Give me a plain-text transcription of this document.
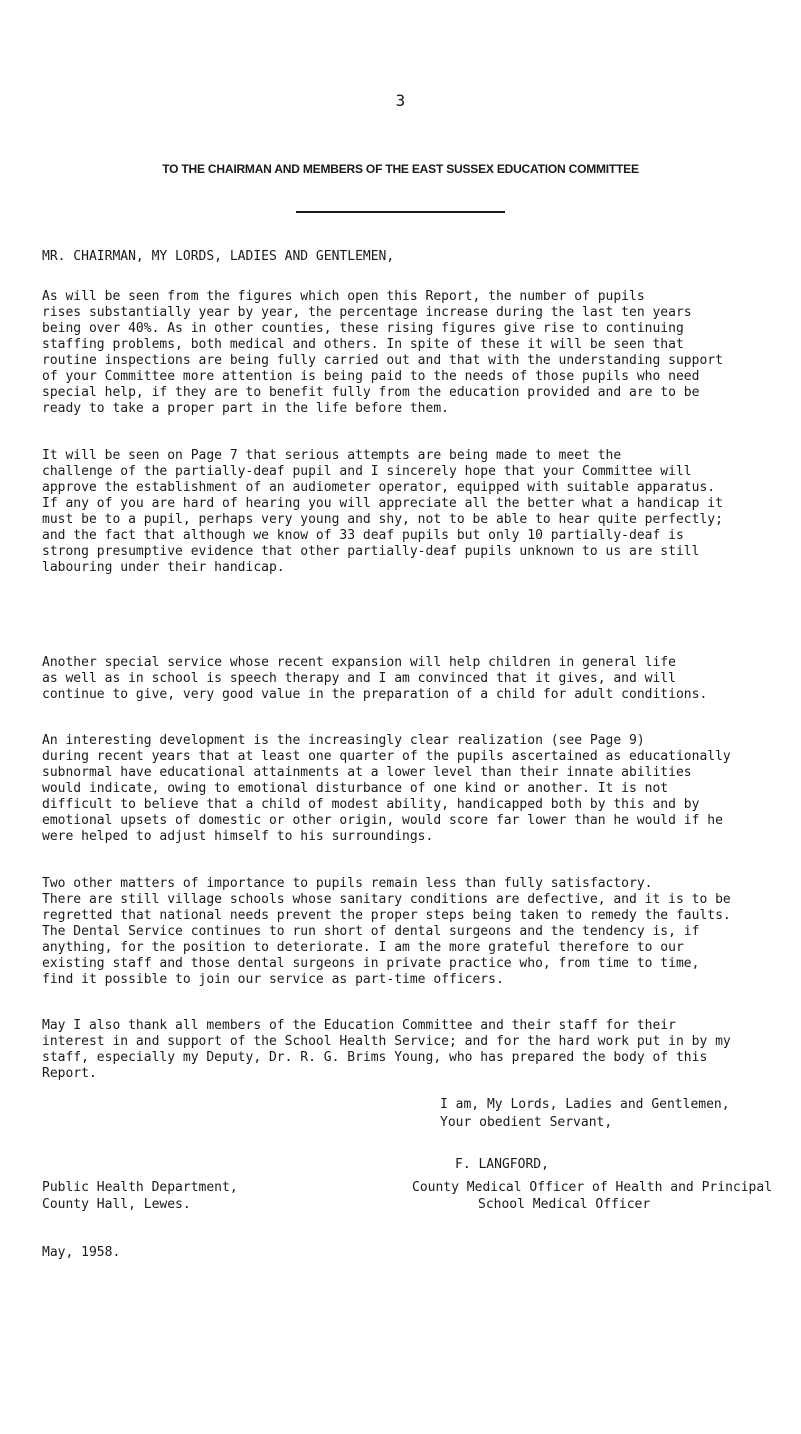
3
TO THE CHAIRMAN AND MEMBERS OF THE EAST SUSSEX EDUCATION COMMITTEE
MR. CHAIRMAN, MY LORDS, LADIES AND GENTLEMEN,
As will be seen from the figures which open this Report, the number of pupils
rises substantially year by year, the percentage increase during the last ten years
being over 40%. As in other counties, these rising figures give rise to continuing
staffing problems, both medical and others. In spite of these it will be seen that
routine inspections are being fully carried out and that with the understanding support
of your Committee more attention is being paid to the needs of those pupils who need
special help, if they are to benefit fully from the education provided and are to be
ready to take a proper part in the life before them.
It will be seen on Page 7 that serious attempts are being made to meet the
challenge of the partially-deaf pupil and I sincerely hope that your Committee will
approve the establishment of an audiometer operator, equipped with suitable apparatus.
If any of you are hard of hearing you will appreciate all the better what a handicap it
must be to a pupil, perhaps very young and shy, not to be able to hear quite perfectly;
and the fact that although we know of 33 deaf pupils but only 10 partially-deaf is
strong presumptive evidence that other partially-deaf pupils unknown to us are still
labouring under their handicap.
Another special service whose recent expansion will help children in general life
as well as in school is speech therapy and I am convinced that it gives, and will
continue to give, very good value in the preparation of a child for adult conditions.
An interesting development is the increasingly clear realization (see Page 9)
during recent years that at least one quarter of the pupils ascertained as educationally
subnormal have educational attainments at a lower level than their innate abilities
would indicate, owing to emotional disturbance of one kind or another. It is not
difficult to believe that a child of modest ability, handicapped both by this and by
emotional upsets of domestic or other origin, would score far lower than he would if he
were helped to adjust himself to his surroundings.
Two other matters of importance to pupils remain less than fully satisfactory.
There are still village schools whose sanitary conditions are defective, and it is to be
regretted that national needs prevent the proper steps being taken to remedy the faults.
The Dental Service continues to run short of dental surgeons and the tendency is, if
anything, for the position to deteriorate. I am the more grateful therefore to our
existing staff and those dental surgeons in private practice who, from time to time,
find it possible to join our service as part-time officers.
May I also thank all members of the Education Committee and their staff for their
interest in and support of the School Health Service; and for the hard work put in by my
staff, especially my Deputy, Dr. R. G. Brims Young, who has prepared the body of this
Report.
I am, My Lords, Ladies and Gentlemen,
Your obedient Servant,
F. LANGFORD,
Public Health Department,
County Hall, Lewes.
County Medical Officer of Health and Principal
School Medical Officer
May, 1958.
